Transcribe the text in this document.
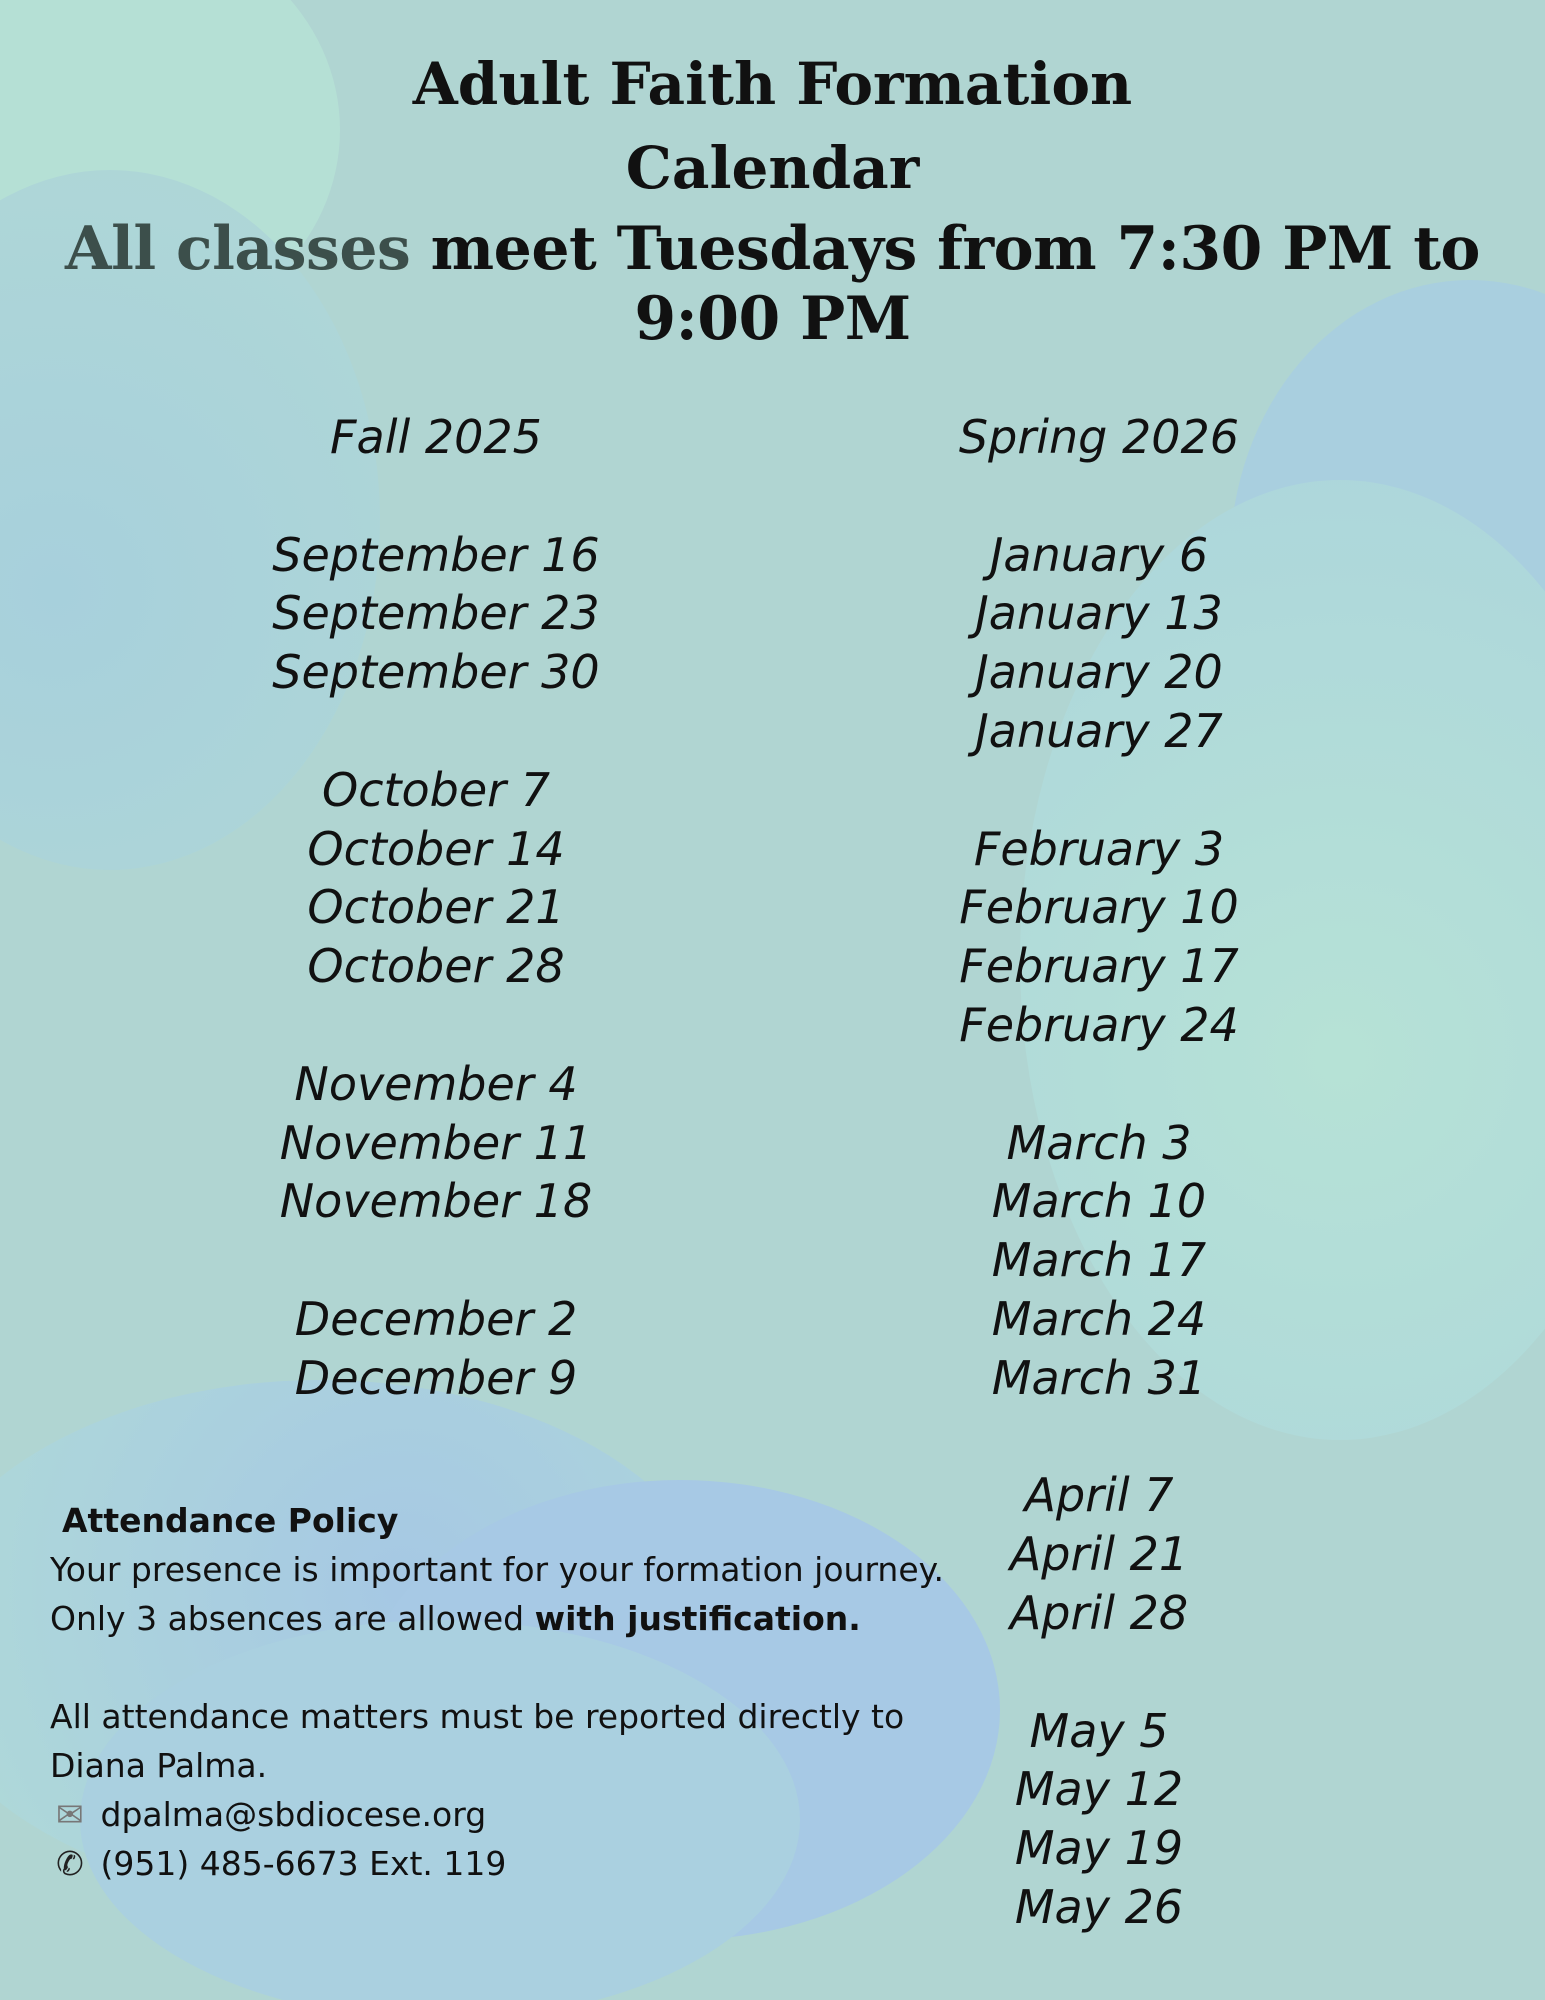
Adult Faith Formation
Calendar
All classes meet Tuesdays from 7:30 PM to 9:00 PM
Fall 2025
September 16
September 23
September 30
October 7
October 14
October 21
October 28
November 4
November 11
November 18
December 2
December 9
Spring 2026
January 6
January 13
January 20
January 27
February 3
February 10
February 17
February 24
March 3
March 10
March 17
March 24
March 31
April 7
April 21
April 28
May 5
May 12
May 19
May 26
Attendance Policy
Your presence is important for your formation journey.
Only 3 absences are allowed with justification.
All attendance matters must be reported directly to
Diana Palma.
✉ dpalma@sbdiocese.org
✆ (951) 485-6673 Ext. 119
